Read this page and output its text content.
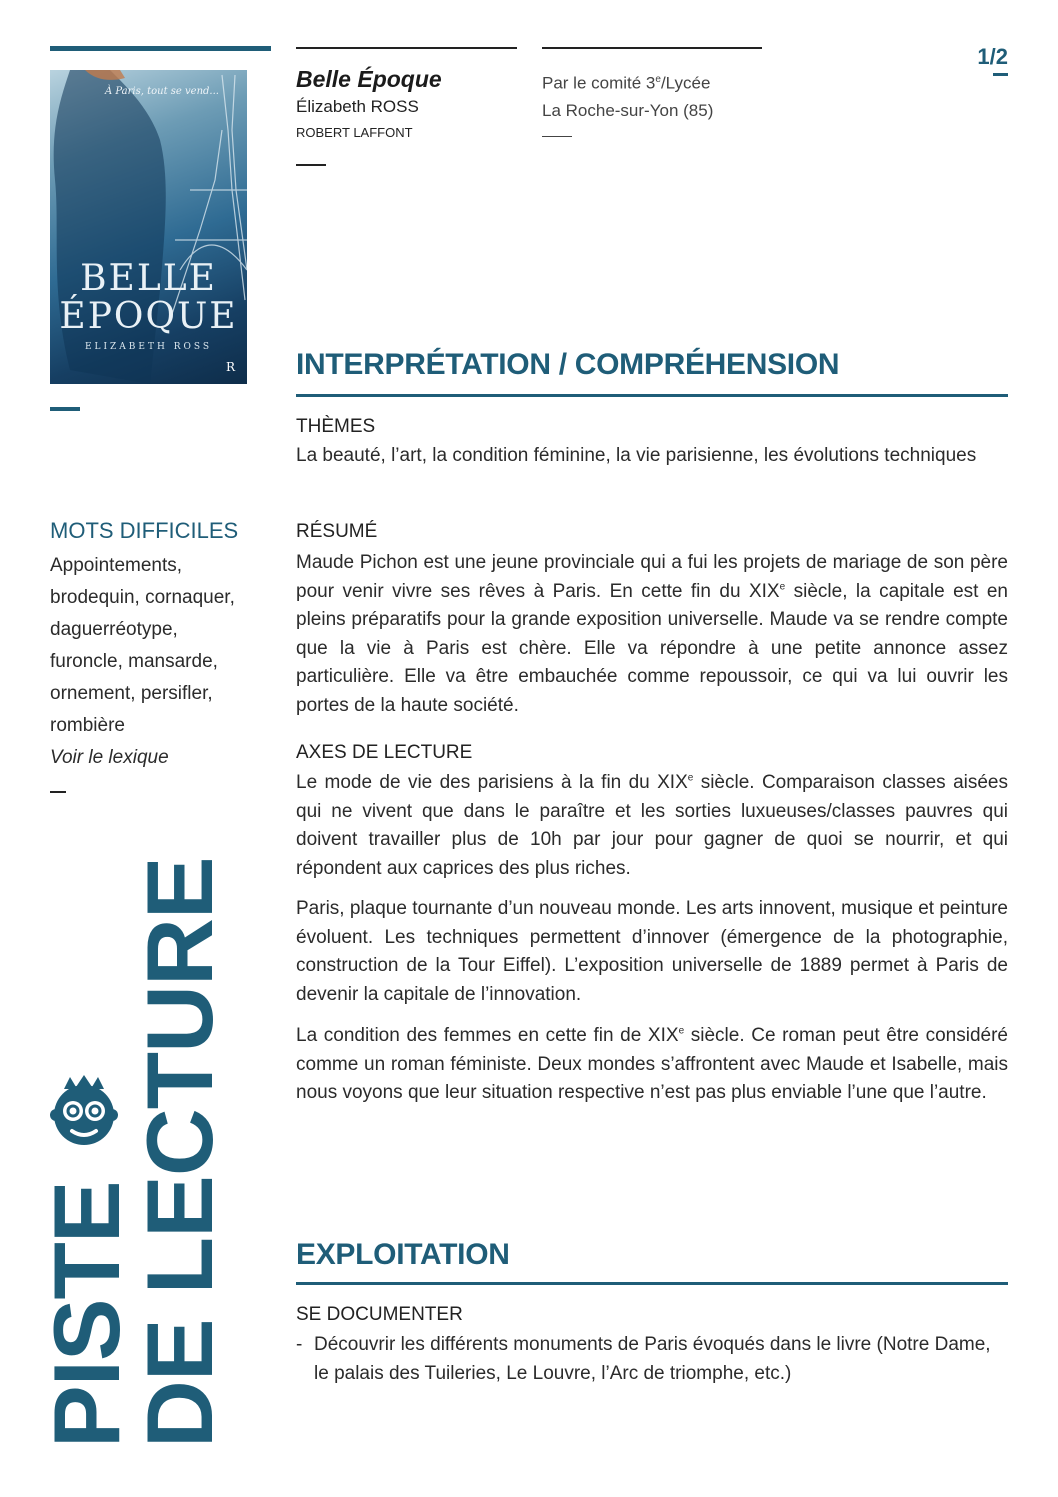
À Paris, tout se vend...
BELLE
ÉPOQUE
ELIZABETH ROSS
R
Belle Époque
Élizabeth ROSS
ROBERT LAFFONT
Par le comité 3e/Lycée
La Roche-sur-Yon (85)
1/2
INTERPRÉTATION / COMPRÉHENSION
THÈMES
La beauté, l’art, la condition féminine, la vie parisienne, les évolutions techniques
RÉSUMÉ
Maude Pichon est une jeune provinciale qui a fui les projets de mariage de son père pour venir vivre ses rêves à Paris. En cette fin du XIXe siècle, la capitale est en pleins préparatifs pour la grande exposition universelle. Maude va se rendre compte que la vie à Paris est chère. Elle va répondre à une petite annonce assez particulière. Elle va être embauchée comme repoussoir, ce qui va lui ouvrir les portes de la haute société.
AXES DE LECTURE
Le mode de vie des parisiens à la fin du XIXe siècle. Comparaison classes aisées qui ne vivent que dans le paraître et les sorties luxueuses/classes pauvres qui doivent travailler plus de 10h par jour pour gagner de quoi se nourrir, et qui répondent aux caprices des plus riches.
Paris, plaque tournante d’un nouveau monde. Les arts innovent, musique et peinture évoluent. Les techniques permettent d’innover (émergence de la photographie, construction de la Tour Eiffel). L’exposition universelle de 1889 permet à Paris de devenir la capitale de l’innovation.
La condition des femmes en cette fin de XIXe siècle. Ce roman peut être considéré comme un roman féministe. Deux mondes s’affrontent avec Maude et Isabelle, mais nous voyons que leur situation respective n’est pas plus enviable l’une que l’autre.
EXPLOITATION
SE DOCUMENTER
- Découvrir les différents monuments de Paris évoqués dans le livre (Notre Dame, le palais des Tuileries, Le Louvre, l’Arc de triomphe, etc.)
MOTS DIFFICILES
Appointements,
brodequin, cornaquer,
daguerréotype,
furoncle, mansarde,
ornement, persifler,
rombière
Voir le lexique
PISTE
DE LECTURE
